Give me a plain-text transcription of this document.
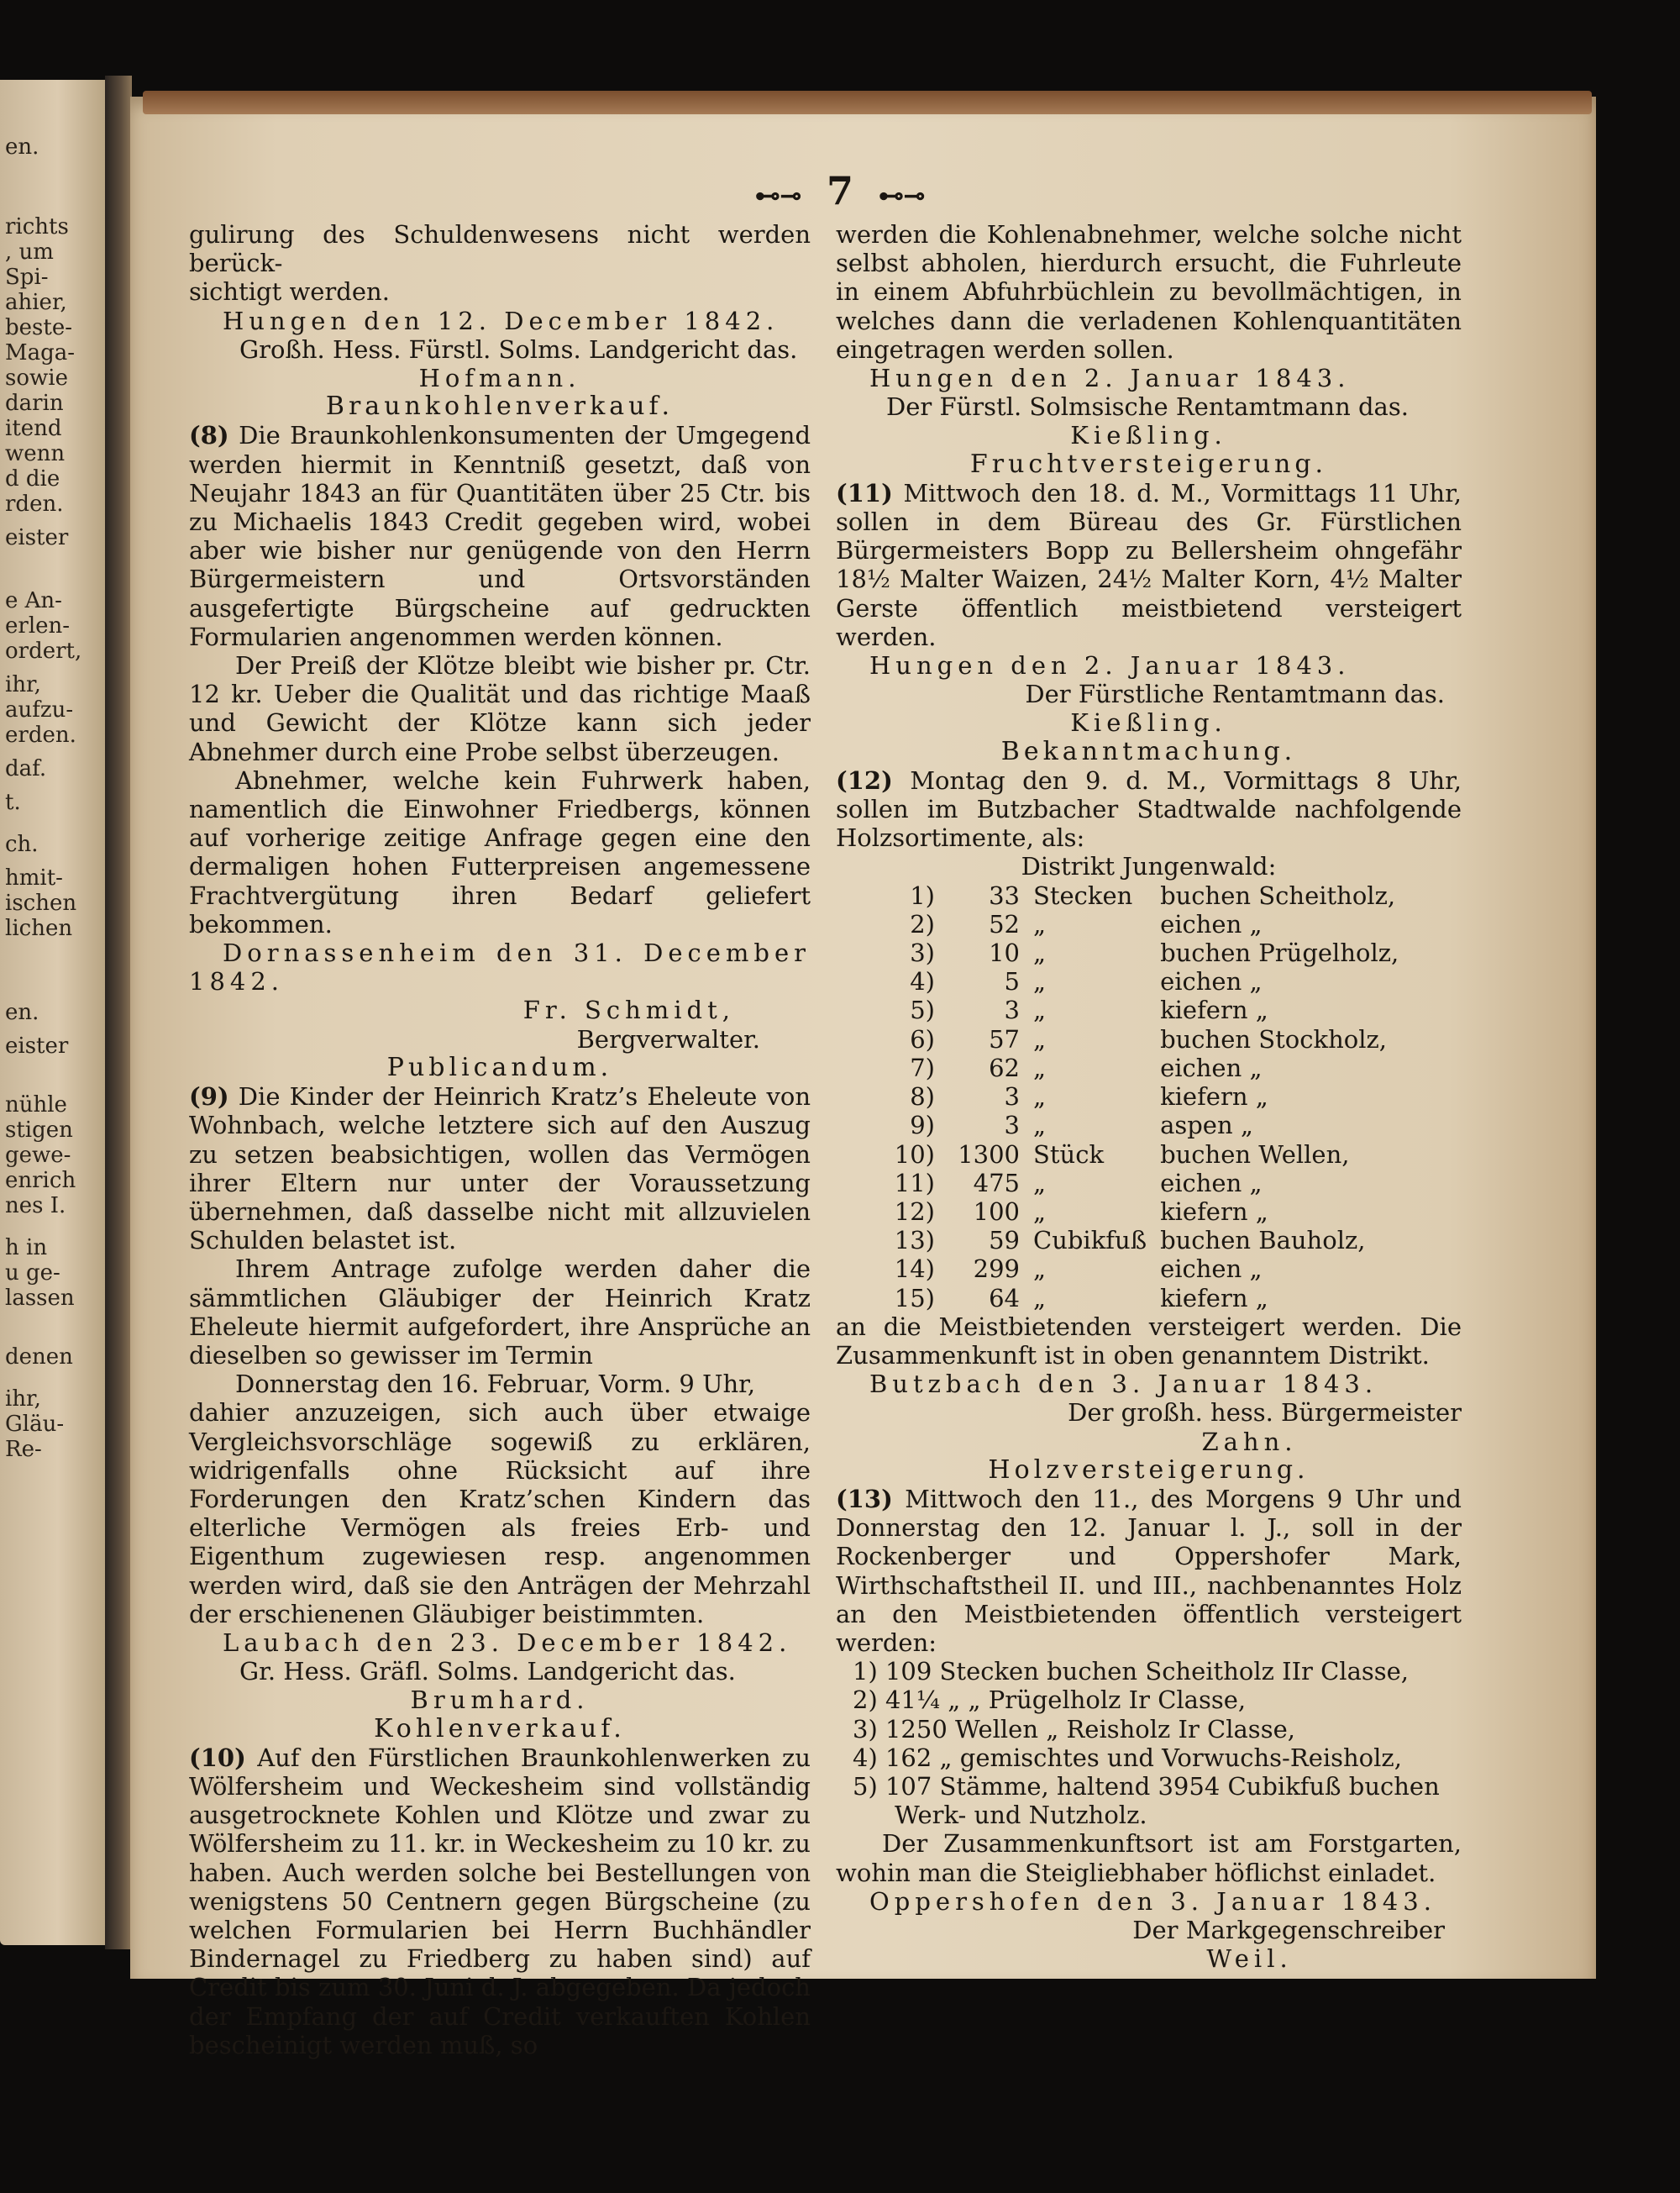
en.
richts
, um
Spi-
ahier,
beste-
Maga-
sowie
darin
itend
wenn
d die
rden.
eister
e An-
erlen-
ordert,
ihr,
aufzu-
erden.
daf.
t.
ch.
hmit-
ischen
lichen
en.
eister
nühle
stigen
gewe-
enrich
nes I.
h in
u ge-
lassen
denen
ihr,
Gläu-
Re-
⊷⊸ 7 ⊷⊸

gulirung des Schuldenwesens nicht werden berück-

sichtigt werden.

Hungen den 12. December 1842.

Großh. Hess. Fürstl. Solms. Landgericht das.

Hofmann.

Braunkohlenverkauf.

(8) Die Braunkohlenkonsumenten der Umgegend werden hiermit in Kenntniß gesetzt, daß von Neujahr 1843 an für Quantitäten über 25 Ctr. bis zu Michaelis 1843 Credit gegeben wird, wobei aber wie bisher nur genügende von den Herrn Bürgermeistern und Ortsvorständen ausgefertigte Bürgscheine auf gedruckten Formularien angenommen werden können.

Der Preiß der Klötze bleibt wie bisher pr. Ctr. 12 kr. Ueber die Qualität und das richtige Maaß und Gewicht der Klötze kann sich jeder Abnehmer durch eine Probe selbst überzeugen.

Abnehmer, welche kein Fuhrwerk haben, namentlich die Einwohner Friedbergs, können auf vorherige zeitige Anfrage gegen eine den dermaligen hohen Futterpreisen angemessene Frachtvergütung ihren Bedarf geliefert bekommen.

Dornassenheim den 31. December 1842.

Fr. Schmidt,

Bergverwalter.

Publicandum.

(9) Die Kinder der Heinrich Kratz’s Eheleute von Wohnbach, welche letztere sich auf den Auszug zu setzen beabsichtigen, wollen das Vermögen ihrer Eltern nur unter der Voraussetzung übernehmen, daß dasselbe nicht mit allzuvielen Schulden belastet ist.

Ihrem Antrage zufolge werden daher die sämmtlichen Gläubiger der Heinrich Kratz Eheleute hiermit aufgefordert, ihre Ansprüche an dieselben so gewisser im Termin

Donnerstag den 16. Februar, Vorm. 9 Uhr,

dahier anzuzeigen, sich auch über etwaige Vergleichsvorschläge sogewiß zu erklären, widrigenfalls ohne Rücksicht auf ihre Forderungen den Kratz’schen Kindern das elterliche Vermögen als freies Erb- und Eigenthum zugewiesen resp. angenommen werden wird, daß sie den Anträgen der Mehrzahl der erschienenen Gläubiger beistimmten.

Laubach den 23. December 1842.

Gr. Hess. Gräfl. Solms. Landgericht das.

Brumhard.

Kohlenverkauf.

(10) Auf den Fürstlichen Braunkohlenwerken zu Wölfersheim und Weckesheim sind vollständig ausgetrocknete Kohlen und Klötze und zwar zu Wölfersheim zu 11. kr. in Weckesheim zu 10 kr. zu haben. Auch werden solche bei Bestellungen von wenigstens 50 Centnern gegen Bürgscheine (zu welchen Formularien bei Herrn Buchhändler Bindernagel zu Friedberg zu haben sind) auf Credit bis zum 30. Juni d. J. abgegeben. Da jedoch der Empfang der auf Credit verkauften Kohlen bescheinigt werden muß, so

werden die Kohlenabnehmer, welche solche nicht selbst abholen, hierdurch ersucht, die Fuhrleute in einem Abfuhrbüchlein zu bevollmächtigen, in welches dann die verladenen Kohlenquantitäten eingetragen werden sollen.

Hungen den 2. Januar 1843.

Der Fürstl. Solmsische Rentamtmann das.

Kießling.

Fruchtversteigerung.

(11) Mittwoch den 18. d. M., Vormittags 11 Uhr, sollen in dem Büreau des Gr. Fürstlichen Bürgermeisters Bopp zu Bellersheim ohngefähr 18½ Malter Waizen, 24½ Malter Korn, 4½ Malter Gerste öffentlich meistbietend versteigert werden.

Hungen den 2. Januar 1843.

Der Fürstliche Rentamtmann das.

Kießling.

Bekanntmachung.

(12) Montag den 9. d. M., Vormittags 8 Uhr, sollen im Butzbacher Stadtwalde nachfolgende Holzsortimente, als:

Distrikt Jungenwald:

1)	33	Stecken	buchen Scheitholz,
2)	52	„	eichen „
3)	10	„	buchen Prügelholz,
4)	5	„	eichen „
5)	3	„	kiefern „
6)	57	„	buchen Stockholz,
7)	62	„	eichen „
8)	3	„	kiefern „
9)	3	„	aspen „
10)	1300	Stück	buchen Wellen,
11)	475	„	eichen „
12)	100	„	kiefern „
13)	59	Cubikfuß	buchen Bauholz,
14)	299	„	eichen „
15)	64	„	kiefern „

an die Meistbietenden versteigert werden. Die Zusammenkunft ist in oben genanntem Distrikt.

Butzbach den 3. Januar 1843.

Der großh. hess. Bürgermeister

Zahn.

Holzversteigerung.

(13) Mittwoch den 11., des Morgens 9 Uhr und Donnerstag den 12. Januar l. J., soll in der Rockenberger und Oppershofer Mark, Wirthschaftstheil II. und III., nachbenanntes Holz an den Meistbietenden öffentlich versteigert werden:

1) 109 Stecken buchen Scheitholz IIr Classe,
2) 41¼ „ „ Prügelholz Ir Classe,
3) 1250 Wellen „ Reisholz Ir Classe,
4) 162 „ gemischtes und Vorwuchs-Reisholz,
5) 107 Stämme, haltend 3954 Cubikfuß buchen
Werk- und Nutzholz.

Der Zusammenkunftsort ist am Forstgarten, wohin man die Steigliebhaber höflichst einladet.

Oppershofen den 3. Januar 1843.

Der Markgegenschreiber

Weil.
